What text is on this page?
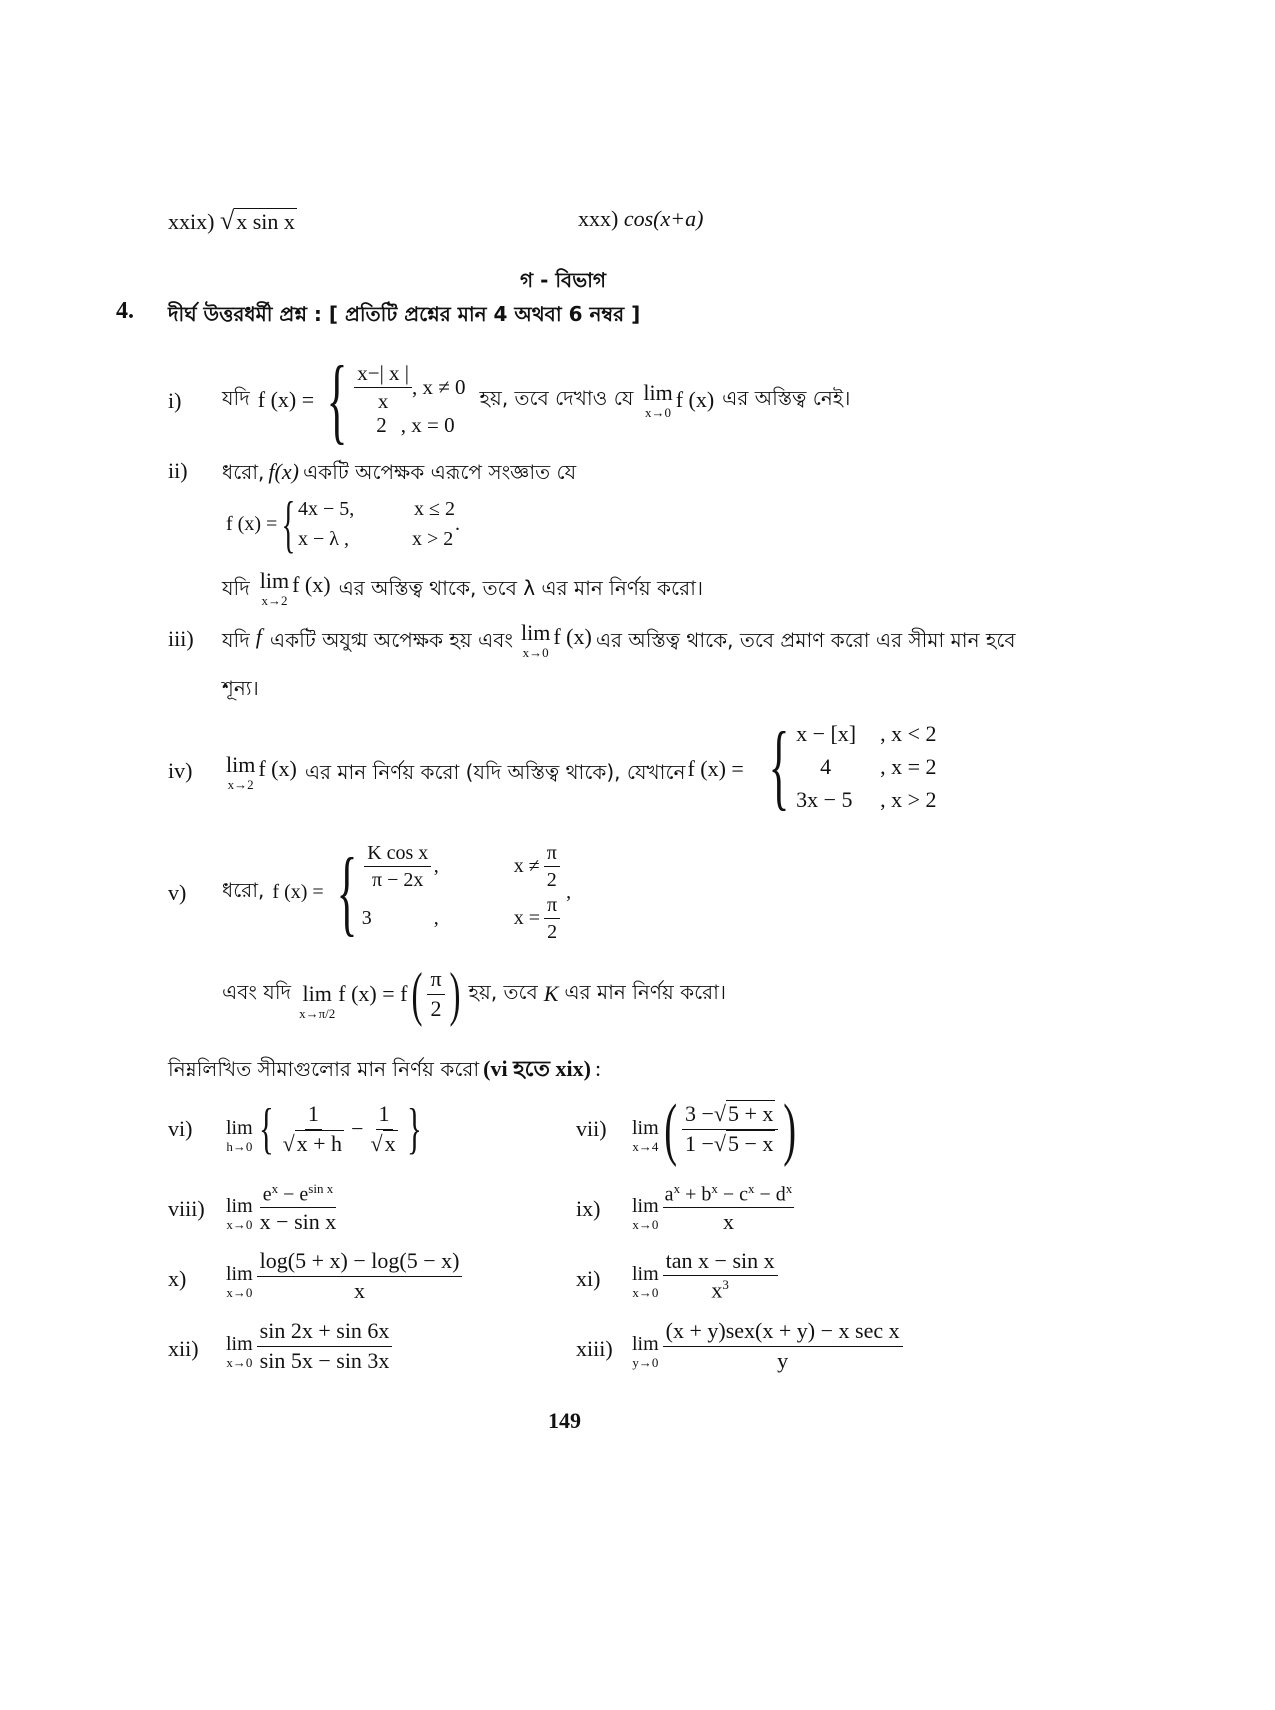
xxix) √x sin x	xxx) cos(x+a)
গ - বিভাগ
4. দীর্ঘ উত্তরধর্মী প্রশ্ন : [ প্রতিটি প্রশ্নের মান 4 অথবা 6 নম্বর ]
i) যদি f (x) = { $\frac{x-| x |}{x}$ , x ≠ 0
2 , x = 0
হয়, তবে দেখাও যে lim
x→0 f (x) এর অস্তিত্ব নেই।
ii) ধরো, f(x) একটি অপেক্ষক এরূপে সংজ্ঞাত যে
f (x) = { 4x − 5,	x ≤ 2
x − λ ,	x > 2
.
যদি lim
x→2
f (x) এর অস্তিত্ব থাকে, তবে λ এর মান নির্ণয় করো।
iii) যদি f একটি অযুগ্ম অপেক্ষক হয় এবং lim
x→0
f (x) এর অস্তিত্ব থাকে, তবে প্রমাণ করো এর সীমা মান হবে
শূন্য।
iv) lim
x→2
f (x) এর মান নির্ণয় করো (যদি অস্তিত্ব থাকে), যেখানে f (x) = { x − [x]	, x < 2
4	, x = 2
3x − 5	, x > 2
v) ধরো, f (x) = { $\frac{\text{K cos x}}{\pi - 2x}$ ,	$x \ne \frac{\pi}{2}$
3	,	$x = \frac{\pi}{2}$
,
এবং যদি lim
x→π/2
f (x) = f ( $\frac{\pi}{2}$ ) হয়, তবে K এর মান নির্ণয় করো।
নিম্নলিখিত সীমাগুলোর মান নির্ণয় করো (vi হতে xix) :
vi) lim
h→0 { $\frac{1}{√x + h} - \frac{1}{√x}$ }	vii) lim
x→4 ( $\frac{3 -√5 + x}{1 -√5 - x}$ )
viii) lim
$x\to 0 \frac{e^x - e^{sin x}}{\text{x − sin x}}$	ix) lim
$x\to 0 \frac{a^x + b^x - c^x - d^x}{x}$
x) lim
$x\to 0 \frac{\log(5 + x) - \log(5 - x)}{x}$	xi) lim
$x\to 0 \frac{\text{tan x − sin x}}{x^3}$
xii) lim
$x\to 0 \frac{\sin 2x + \sin 6x}{\sin 5x - \sin 3x}$	xiii) lim
$y\to 0 \frac{\text{(x + y)sex(x + y) − x sec x}}{y}$
149
